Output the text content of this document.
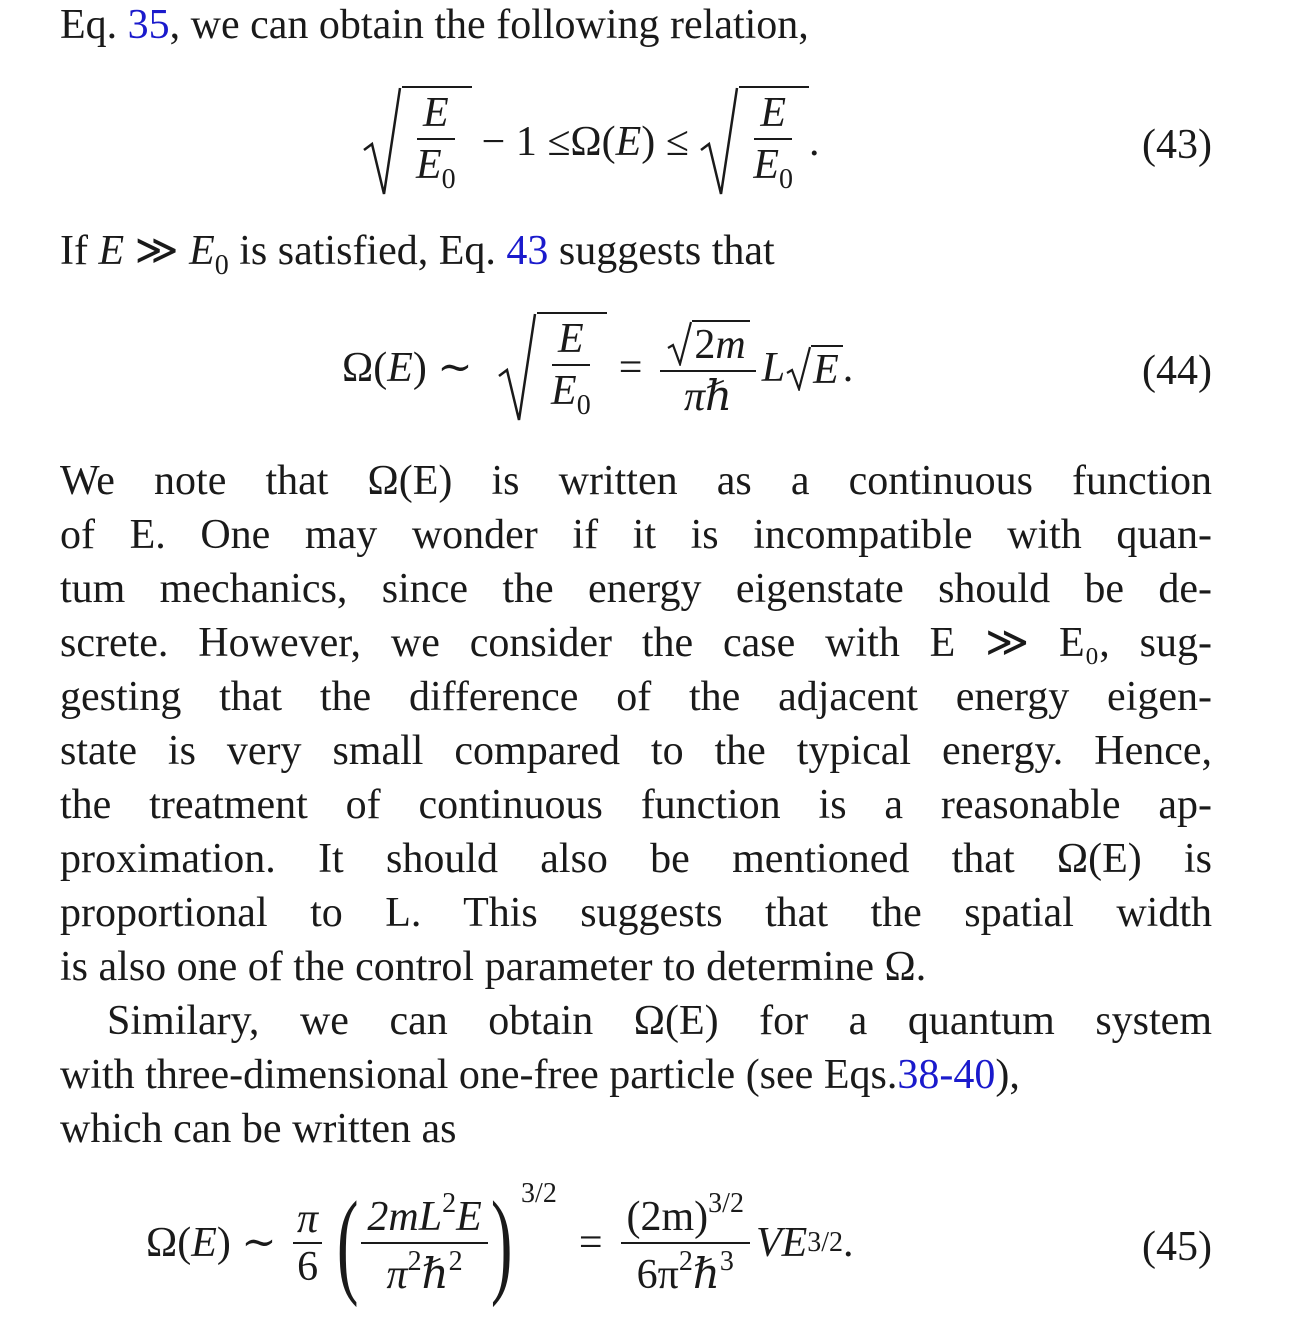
Eq. 35, we can obtain the following relation,
$\frac{E}{E_0} - 1 \le \Omega$( E ) ≤ $\frac{E}{E_0}$ .	(43)
If E ≫ $E_0$ is satisfied, Eq. 43 suggests that
Ω( E ) ∼ $\frac{E}{E_0} = \frac{2m}{\text{πℏ}}$ L E .	(44)
We note that Ω(E) is written as a continuous function
of E. One may wonder if it is incompatible with quan-
tum mechanics, since the energy eigenstate should be de-
screte. However, we consider the case with E ≫ E₀, sug-
gesting that the difference of the adjacent energy eigen-
state is very small compared to the typical energy. Hence,
the treatment of continuous function is a reasonable ap-
proximation. It should also be mentioned that Ω(E) is
proportional to L. This suggests that the spatial width
is also one of the control parameter to determine Ω.
Similary, we can obtain Ω(E) for a quantum system
with three-dimensional one-free particle (see Eqs.38-40),
which can be written as
Ω( E ) ∼ $\frac{\pi}{6}$ ( $\frac{2mL^2E}{\pi^2\hbar^2}$ ) 3/2
= $\frac{(2m)^{3/2}}{6\pi^2\hbar^3}$ V E 3/2 .	(45)
